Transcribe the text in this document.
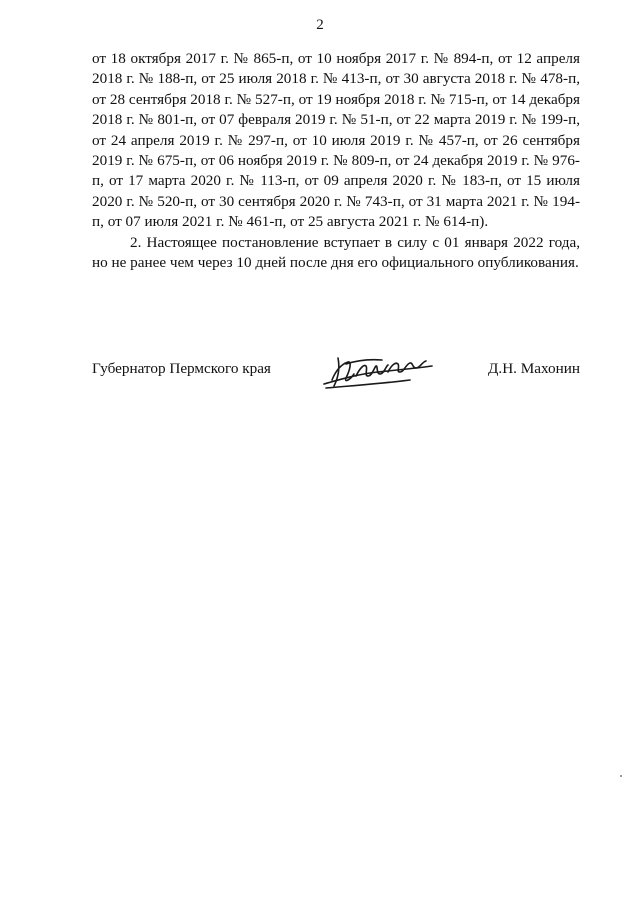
2

от 18 октября 2017 г. № 865-п, от 10 ноября 2017 г. № 894-п, от 12 апреля 2018 г. № 188-п, от 25 июля 2018 г. № 413-п, от 30 августа 2018 г. № 478-п, от 28 сентября 2018 г. № 527-п, от 19 ноября 2018 г. № 715-п, от 14 декабря 2018 г. № 801-п, от 07 февраля 2019 г. № 51-п, от 22 марта 2019 г. № 199-п, от 24 апреля 2019 г. № 297-п, от 10 июля 2019 г. № 457-п, от 26 сентября 2019 г. № 675-п, от 06 ноября 2019 г. № 809-п, от 24 декабря 2019 г. № 976-п, от 17 марта 2020 г. № 113-п, от 09 апреля 2020 г. № 183-п, от 15 июля 2020 г. № 520-п, от 30 сентября 2020 г. № 743-п, от 31 марта 2021 г. № 194-п, от 07 июля 2021 г. № 461-п, от 25 августа 2021 г. № 614-п).

2. Настоящее постановление вступает в силу с 01 января 2022 года, но не ранее чем через 10 дней после дня его официального опубликования.

Губернатор Пермского края	Д.Н. Махонин
